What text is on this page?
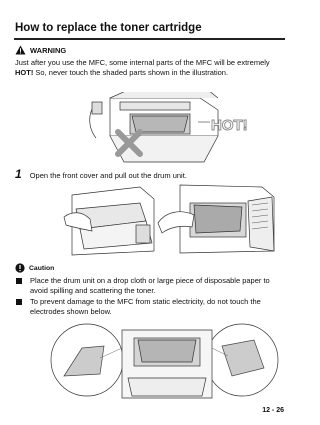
How to replace the toner cartridge
WARNING
Just after you use the MFC, some internal parts of the MFC will be extremely HOT! So, never touch the shaded parts shown in the illustration.
HOT!
1 Open the front cover and pull out the drum unit.
Caution
Place the drum unit on a drop cloth or large piece of disposable paper to avoid spilling and scattering the toner.
To prevent damage to the MFC from static electricity, do not touch the electrodes shown below.
12 - 26
